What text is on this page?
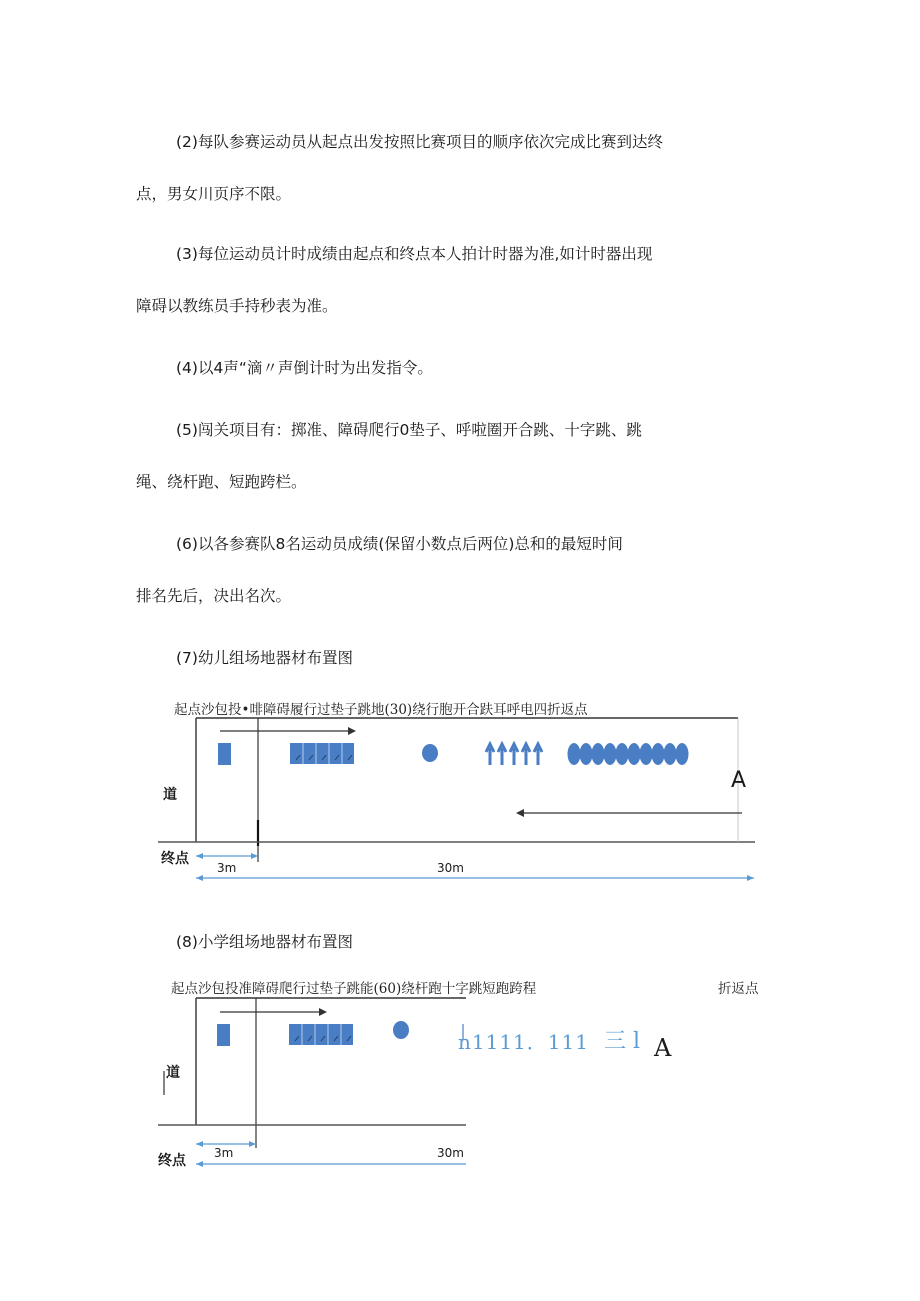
(2)每队参赛运动员从起点出发按照比赛项目的顺序依次完成比赛到达终

点，男女川页序不限。

(3)每位运动员计时成绩由起点和终点本人拍计时器为准,如计时器出现

障碍以教练员手持秒表为准。

(4)以4声“滴〃声倒计时为出发指令。

(5)闯关项目有：掷准、障碍爬行0垫子、呼啦圈开合跳、十字跳、跳

绳、绕杆跑、短跑跨栏。

(6)以各参赛队8名运动员成绩(保留小数点后两位)总和的最短时间

排名先后，决出名次。

(7)幼儿组场地器材布置图

起点沙包投•啡障碍履行过垫子跳地(30)绕行胞开合趺耳呼电四折返点
道
终点
A
3m	30m

(8)小学组场地器材布置图

起点沙包投准障碍爬行过垫子跳能(60)绕杆跑十字跳短跑跨程	折返点
道
终点
n1111．111 三 l A
3m	30m
